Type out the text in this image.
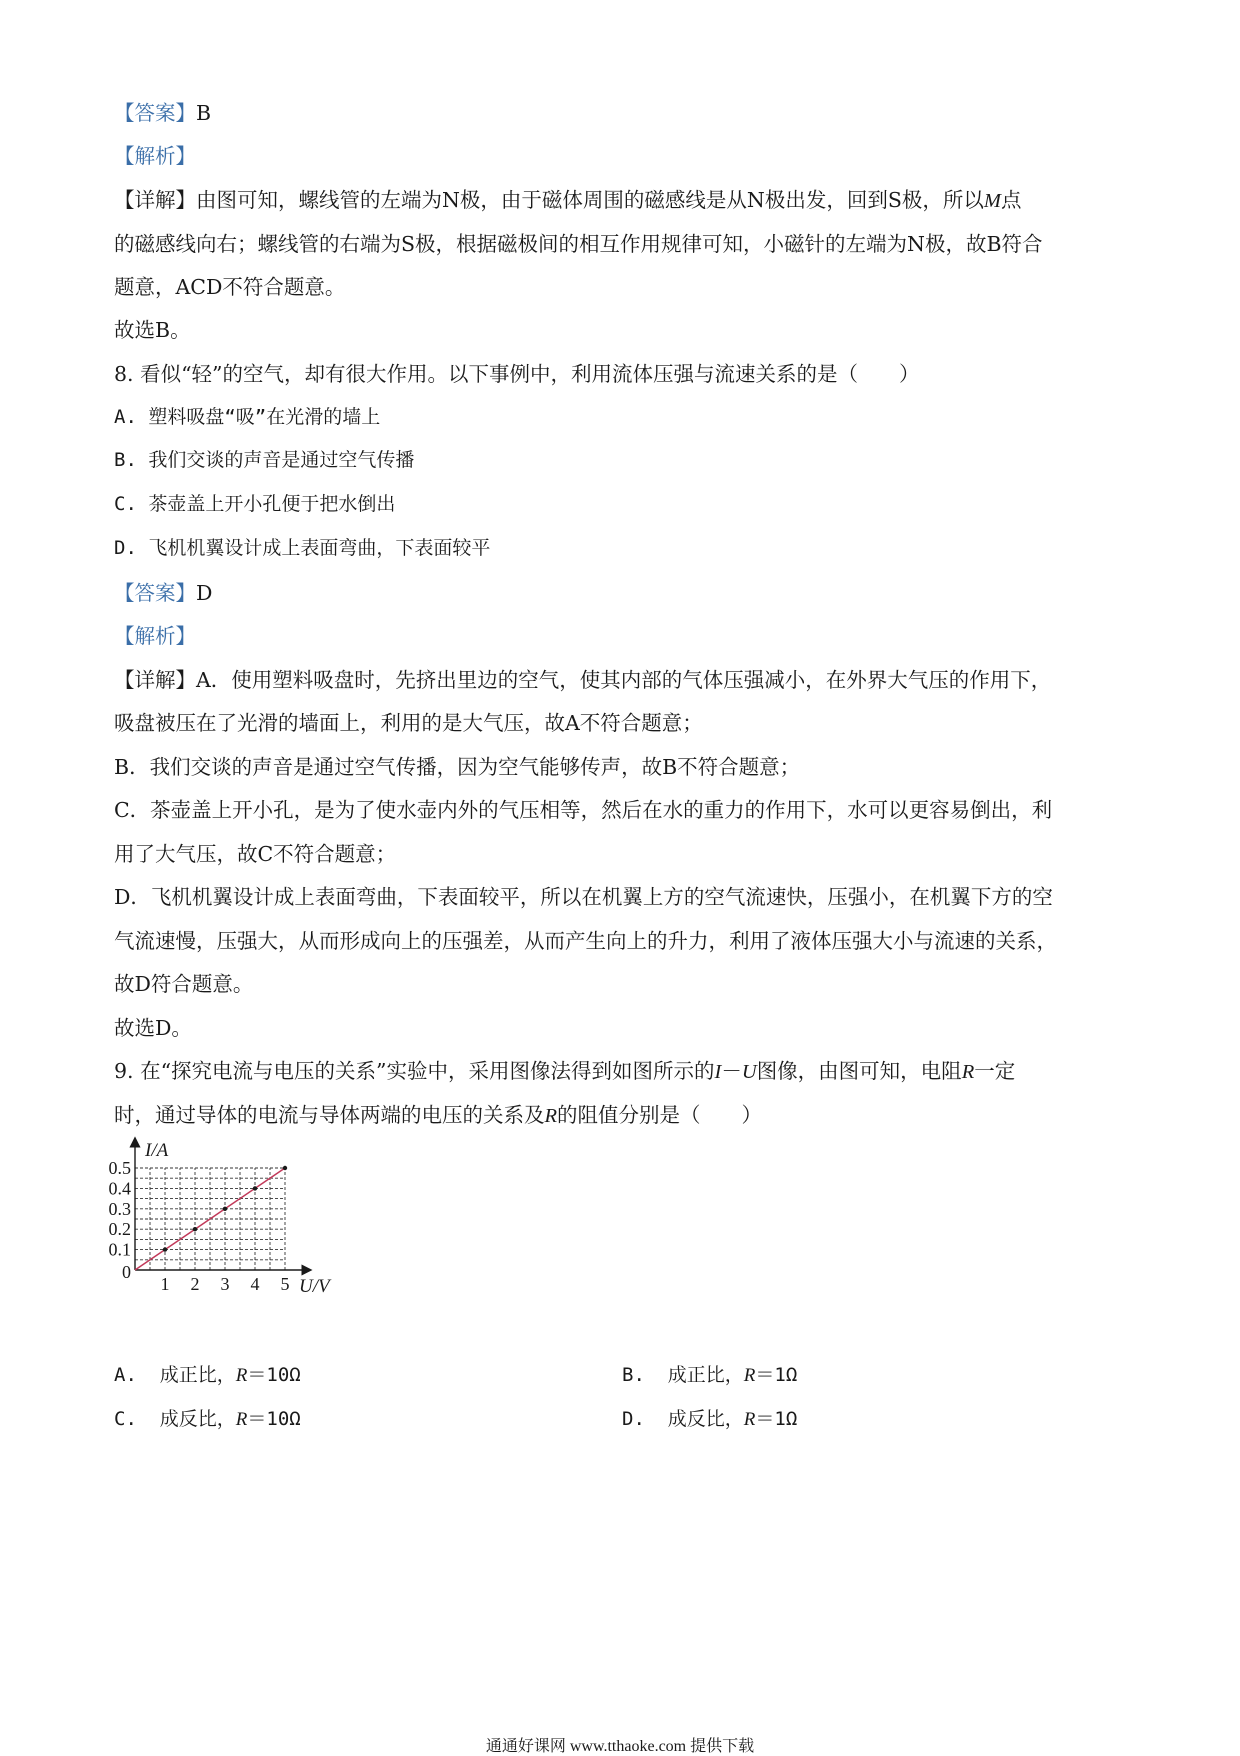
【答案】B
【解析】
【详解】由图可知，螺线管的左端为N极，由于磁体周围的磁感线是从N极出发，回到S极，所以M点
的磁感线向右；螺线管的右端为S极，根据磁极间的相互作用规律可知，小磁针的左端为N极，故B符合
题意，ACD不符合题意。
故选B。
8. 看似“轻”的空气，却有很大作用。以下事例中，利用流体压强与流速关系的是（　　）
A. 塑料吸盘“吸”在光滑的墙上
B. 我们交谈的声音是通过空气传播
C. 茶壶盖上开小孔便于把水倒出
D. 飞机机翼设计成上表面弯曲，下表面较平
【答案】D
【解析】
【详解】A．使用塑料吸盘时，先挤出里边的空气，使其内部的气体压强减小，在外界大气压的作用下，
吸盘被压在了光滑的墙面上，利用的是大气压，故A不符合题意；
B．我们交谈的声音是通过空气传播，因为空气能够传声，故B不符合题意；
C．茶壶盖上开小孔，是为了使水壶内外的气压相等，然后在水的重力的作用下，水可以更容易倒出，利
用了大气压，故C不符合题意；
D．飞机机翼设计成上表面弯曲，下表面较平，所以在机翼上方的空气流速快，压强小，在机翼下方的空
气流速慢，压强大，从而形成向上的压强差，从而产生向上的升力，利用了液体压强大小与流速的关系，
故D符合题意。
故选D。
9. 在“探究电流与电压的关系”实验中，采用图像法得到如图所示的I－U图像，由图可知，电阻R一定
时，通过导体的电流与导体两端的电压的关系及R的阻值分别是（　　）
I/A
U/V
1 2 3 4 5
0.1
0.2
0.3
0.4
0.5
0
A. 成正比，R＝10Ω	B. 成正比，R＝1Ω
C. 成反比，R＝10Ω	D. 成反比，R＝1Ω
通通好课网 www.tthaoke.com 提供下载
